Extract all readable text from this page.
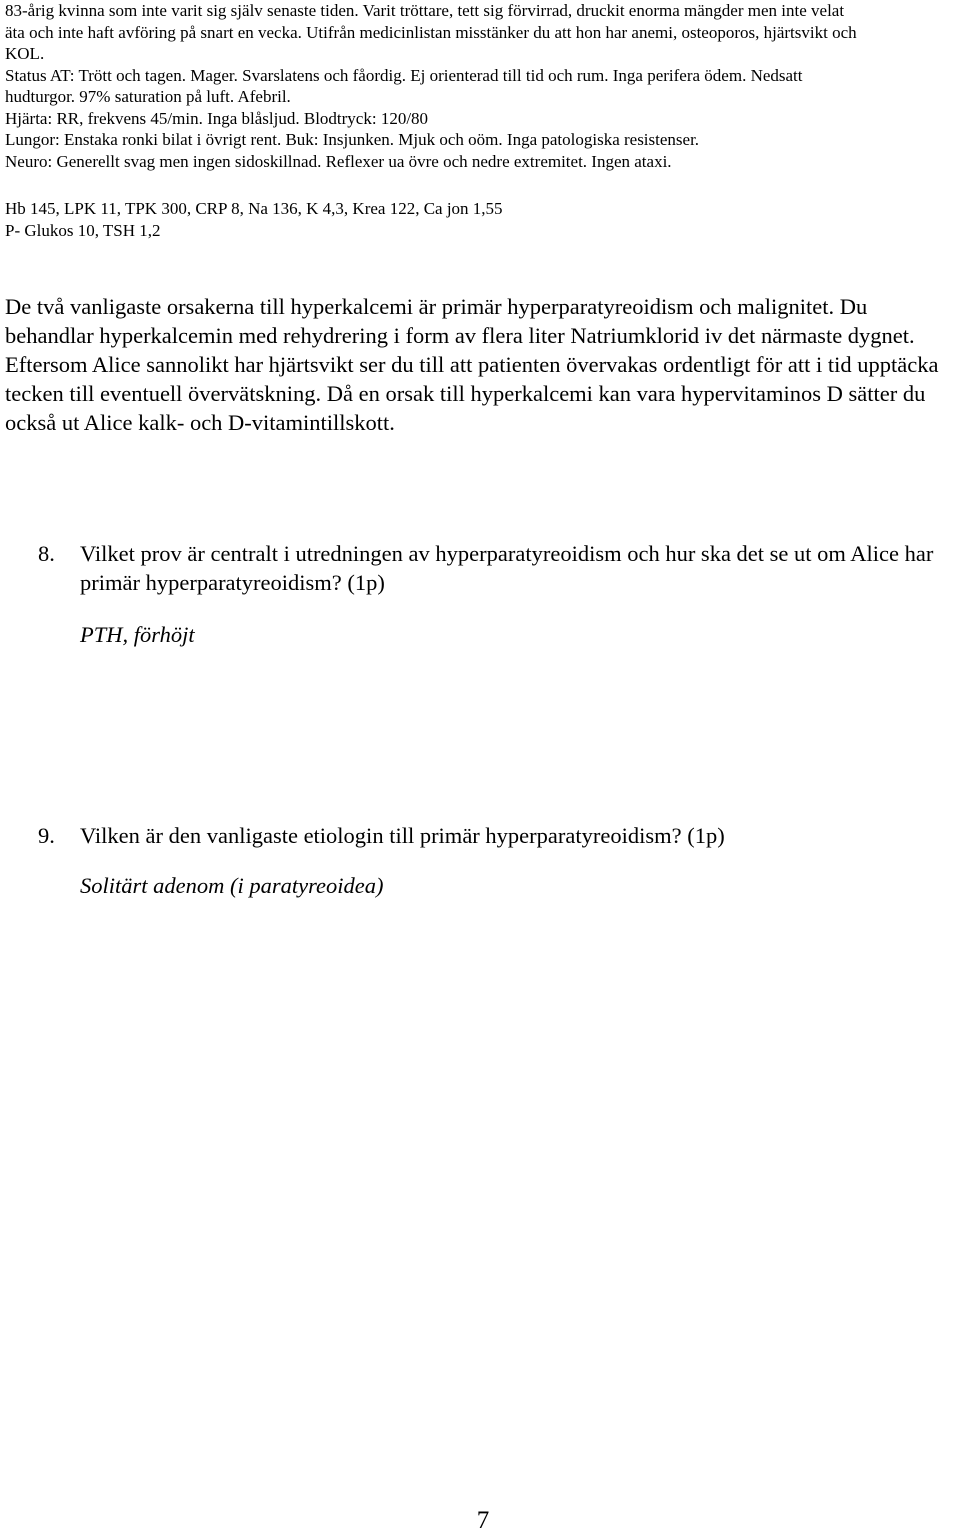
83-årig kvinna som inte varit sig själv senaste tiden. Varit tröttare, tett sig förvirrad, druckit enorma mängder men inte velat

äta och inte haft avföring på snart en vecka. Utifrån medicinlistan misstänker du att hon har anemi, osteoporos, hjärtsvikt och

KOL.

Status AT: Trött och tagen. Mager. Svarslatens och fåordig. Ej orienterad till tid och rum. Inga perifera ödem. Nedsatt

hudturgor. 97% saturation på luft. Afebril.

Hjärta: RR, frekvens 45/min. Inga blåsljud. Blodtryck: 120/80

Lungor: Enstaka ronki bilat i övrigt rent. Buk: Insjunken. Mjuk och oöm. Inga patologiska resistenser.

Neuro: Generellt svag men ingen sidoskillnad. Reflexer ua övre och nedre extremitet. Ingen ataxi.

Hb 145, LPK 11, TPK 300, CRP 8, Na 136, K 4,3, Krea 122, Ca jon 1,55

P- Glukos 10, TSH 1,2

De två vanligaste orsakerna till hyperkalcemi är primär hyperparatyreoidism och malignitet. Du behandlar hyperkalcemin med rehydrering i form av flera liter Natriumklorid iv det närmaste dygnet. Eftersom Alice sannolikt har hjärtsvikt ser du till att patienten övervakas ordentligt för att i tid upptäcka tecken till eventuell övervätskning. Då en orsak till hyperkalcemi kan vara hypervitaminos D sätter du också ut Alice kalk- och D-vitamintillskott.
8. Vilket prov är centralt i utredningen av hyperparatyreoidism och hur ska det se ut om Alice har primär hyperparatyreoidism? (1p)
PTH, förhöjt
9. Vilken är den vanligaste etiologin till primär hyperparatyreoidism? (1p)
Solitärt adenom (i paratyreoidea)
7
